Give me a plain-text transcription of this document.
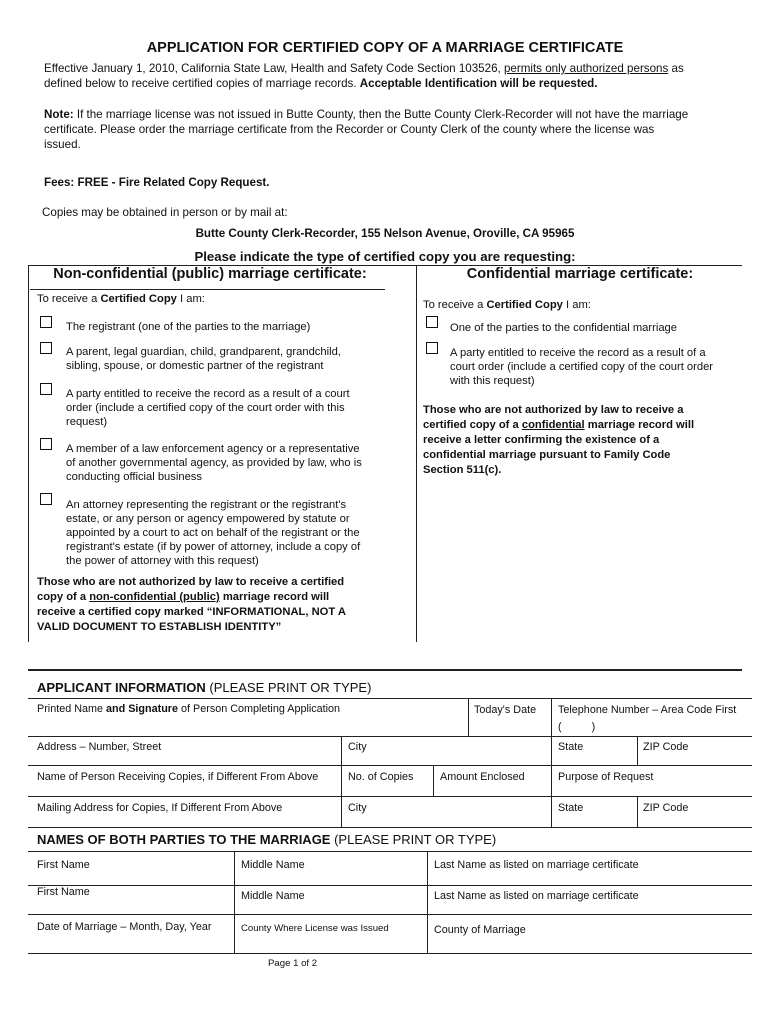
APPLICATION FOR CERTIFIED COPY OF A MARRIAGE CERTIFICATE
Effective January 1, 2010, California State Law, Health and Safety Code Section 103526, permits only authorized persons as
defined below to receive certified copies of marriage records. Acceptable Identification will be requested.
Note: If the marriage license was not issued in Butte County, then the Butte County Clerk-Recorder will not have the marriage
certificate. Please order the marriage certificate from the Recorder or County Clerk of the county where the license was
issued.
Fees: FREE - Fire Related Copy Request.
Copies may be obtained in person or by mail at:
Butte County Clerk-Recorder, 155 Nelson Avenue, Oroville, CA 95965
Please indicate the type of certified copy you are requesting:
Non-confidential (public) marriage certificate:
To receive a Certified Copy I am:
The registrant (one of the parties to the marriage)
A parent, legal guardian, child, grandparent, grandchild,
sibling, spouse, or domestic partner of the registrant
A party entitled to receive the record as a result of a court
order (include a certified copy of the court order with this
request)
A member of a law enforcement agency or a representative
of another governmental agency, as provided by law, who is
conducting official business
An attorney representing the registrant or the registrant's
estate, or any person or agency empowered by statute or
appointed by a court to act on behalf of the registrant or the
registrant's estate (if by power of attorney, include a copy of
the power of attorney with this request)
Those who are not authorized by law to receive a certified
copy of a non-confidential (public) marriage record will
receive a certified copy marked “INFORMATIONAL, NOT A
VALID DOCUMENT TO ESTABLISH IDENTITY”
Confidential marriage certificate:
To receive a Certified Copy I am:
One of the parties to the confidential marriage
A party entitled to receive the record as a result of a
court order (include a certified copy of the court order
with this request)
Those who are not authorized by law to receive a
certified copy of a confidential marriage record will
receive a letter confirming the existence of a
confidential marriage pursuant to Family Code
Section 511(c).
APPLICANT INFORMATION (PLEASE PRINT OR TYPE)
Printed Name and Signature of Person Completing Application	Today's Date Telephone Number – Area Code First
(          )
Address – Number, Street	City	State	ZIP Code
Name of Person Receiving Copies, if Different From Above	No. of Copies Amount Enclosed	Purpose of Request
Mailing Address for Copies, If Different From Above	City	State	ZIP Code
NAMES OF BOTH PARTIES TO THE MARRIAGE (PLEASE PRINT OR TYPE)
First Name	Middle Name	Last Name as listed on marriage certificate
First Name	Middle Name	Last Name as listed on marriage certificate
Date of Marriage – Month, Day, Year	County Where License was Issued	County of Marriage
Page 1 of 2
